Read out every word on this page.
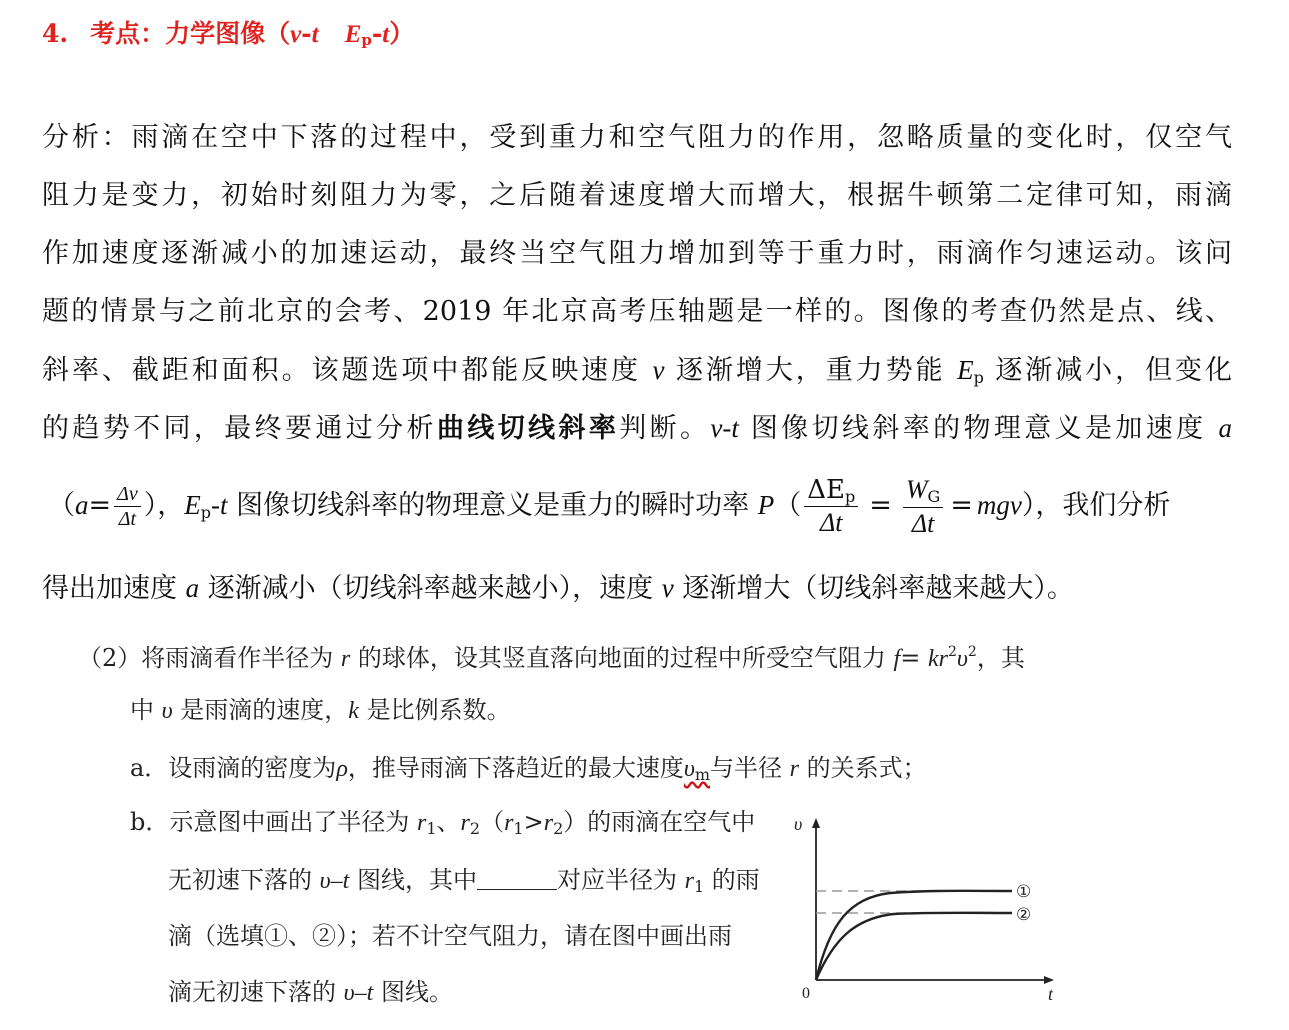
4. 考点：力学图像（v-t $E_p-t$）
分析：雨滴在空中下落的过程中，受到重力和空气阻力的作用，忽略质量的变化时，仅空气
阻力是变力，初始时刻阻力为零，之后随着速度增大而增大，根据牛顿第二定律可知，雨滴
作加速度逐渐减小的加速运动，最终当空气阻力增加到等于重力时，雨滴作匀速运动。该问
题的情景与之前北京的会考、2019 年北京高考压轴题是一样的。图像的考查仍然是点、线、
斜率、截距和面积。该题选项中都能反映速度 v 逐渐增大，重力势能 $E_p$ 逐渐减小，但变化
的趋势不同，最终要通过分析曲线切线斜率判断。v-t 图像切线斜率的物理意义是加速度 a
（$a= \frac{\Delta v}{\Delta t}$ ），$E_p-t$ 图像切线斜率的物理意义是重力的瞬时功率 $P( \frac{\Delta E_p}{\Delta t} = \frac{W_G}{\Delta t} = mgv)$，我们分析
得出加速度 a 逐渐减小（切线斜率越来越小），速度 v 逐渐增大（切线斜率越来越大）。
（2）将雨滴看作半径为 r 的球体，设其竖直落向地面的过程中所受空气阻力 $f= kr^2\upsilon^2$，其
中 υ 是雨滴的速度，k 是比例系数。
a．设雨滴的密度为ρ，推导雨滴下落趋近的最大速度$\upsilon_m$与半径 r 的关系式；
b．示意图中画出了半径为 $r_1$、$r_2(r_1>r_2)$的雨滴在空气中
无初速下落的 υ–t 图线，其中	对应半径为 $r_1$ 的雨
滴（选填①、②）；若不计空气阻力，请在图中画出雨
滴无初速下落的 υ–t 图线。
υ
0	t
①
②
